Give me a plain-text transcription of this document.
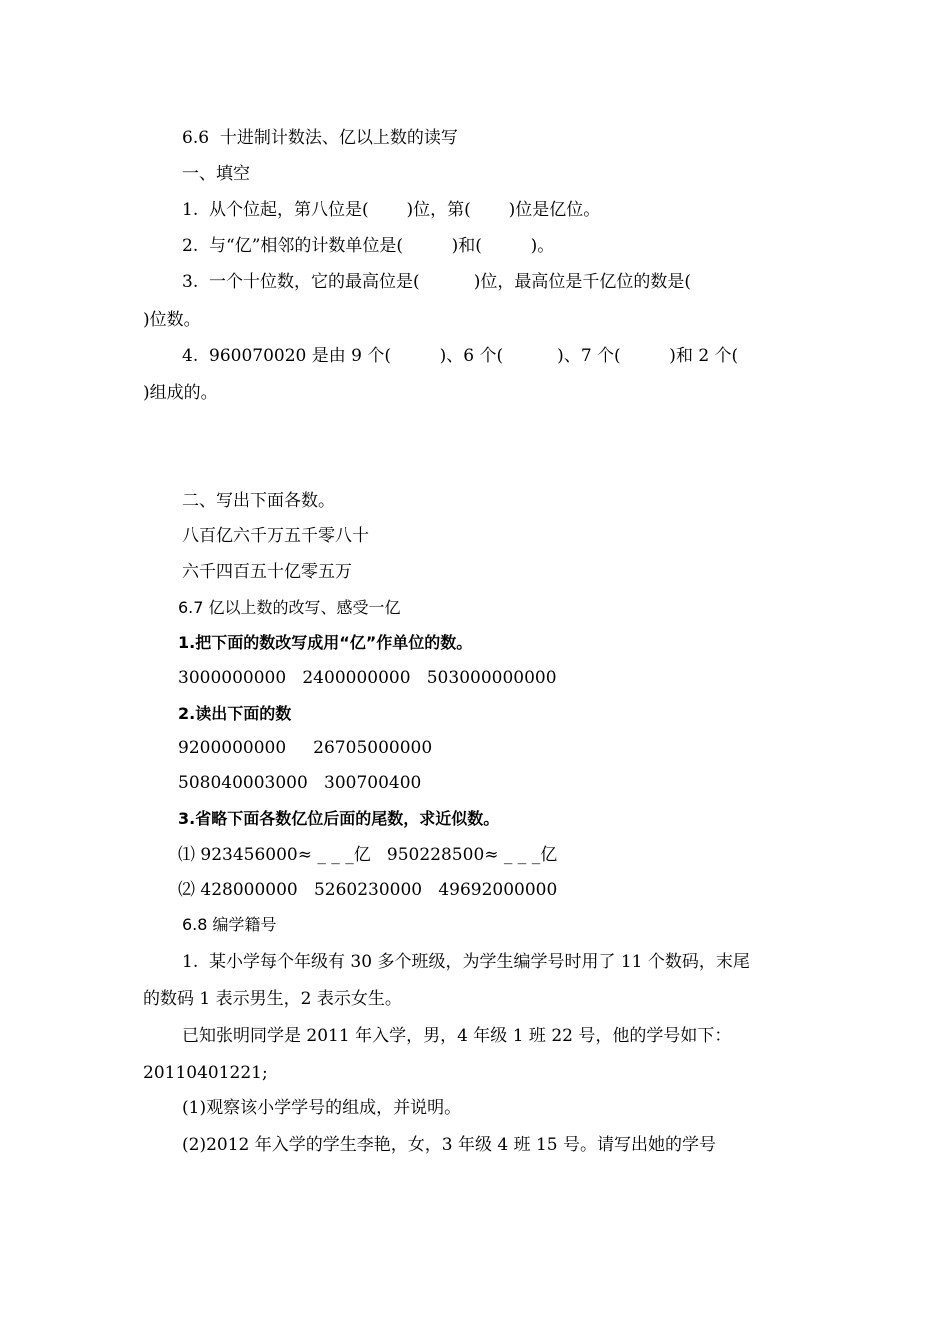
6.6  十进制计数法、亿以上数的读写
一、填空
1.  从个位起，第八位是(       )位，第(       )位是亿位。
2.  与“亿”相邻的计数单位是(         )和(         )。
3.  一个十位数，它的最高位是(          )位，最高位是千亿位的数是(
)位数。
4.  960070020 是由 9 个(         )、6 个(          )、7 个(         )和 2 个(
)组成的。
二、写出下面各数。
八百亿六千万五千零八十
六千四百五十亿零五万
6.7 亿以上数的改写、感受一亿
1.把下面的数改写成用“亿”作单位的数。
3000000000   2400000000   503000000000
2.读出下面的数
9200000000     26705000000
508040003000   300700400
3.省略下面各数亿位后面的尾数，求近似数。
⑴ 923456000≈ _ _ _亿   950228500≈ _ _ _亿
⑵ 428000000   5260230000   49692000000
6.8 编学籍号
1.  某小学每个年级有 30 多个班级，为学生编学号时用了 11 个数码，末尾
的数码 1 表示男生，2 表示女生。
已知张明同学是 2011 年入学，男，4 年级 1 班 22 号，他的学号如下：
20110401221;
(1)观察该小学学号的组成，并说明。
(2)2012 年入学的学生李艳，女，3 年级 4 班 15 号。请写出她的学号
